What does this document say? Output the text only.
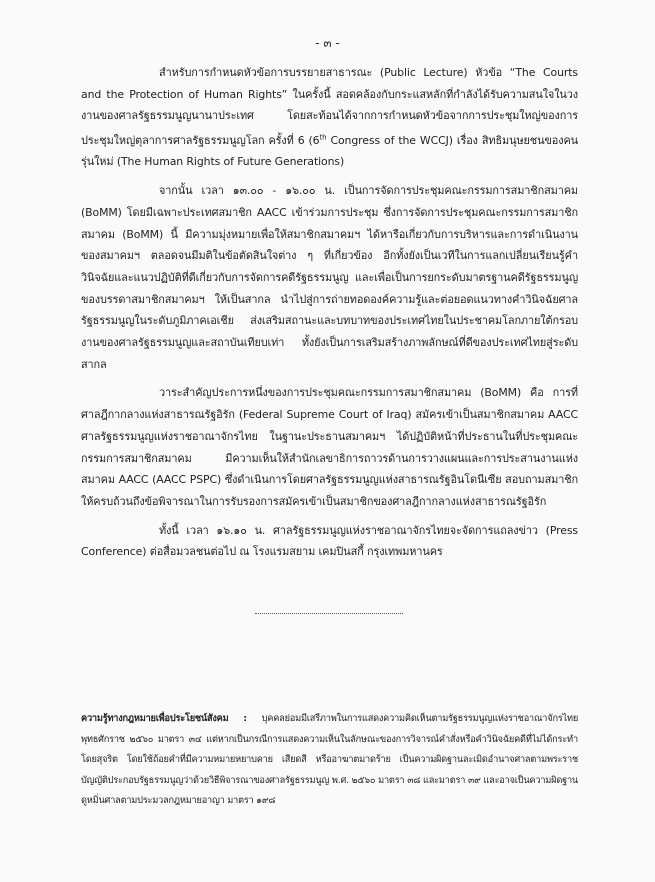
- ๓ -

สำหรับการกำหนดหัวข้อการบรรยายสาธารณะ (Public Lecture) หัวข้อ “The Courts and the Protection of Human Rights” ในครั้งนี้ สอดคล้องกับกระแสหลักที่กำลังได้รับความสนใจในวงงานของศาลรัฐธรรมนูญนานาประเทศ โดยสะท้อนได้จากการกำหนดหัวข้อจากการประชุมใหญ่ของการประชุมใหญ่ตุลาการศาลรัฐธรรมนูญโลก ครั้งที่ 6 (6th Congress of the WCCJ) เรื่อง สิทธิมนุษยชนของคนรุ่นใหม่ (The Human Rights of Future Generations)

จากนั้น เวลา ๑๓.๐๐ - ๑๖.๐๐ น. เป็นการจัดการประชุมคณะกรรมการสมาชิกสมาคม (BoMM) โดยมีเฉพาะประเทศสมาชิก AACC เข้าร่วมการประชุม ซึ่งการจัดการประชุมคณะกรรมการสมาชิกสมาคม (BoMM) นี้ มีความมุ่งหมายเพื่อให้สมาชิกสมาคมฯ ได้หารือเกี่ยวกับการบริหารและการดำเนินงานของสมาคมฯ ตลอดจนมีมติในข้อตัดสินใจต่าง ๆ ที่เกี่ยวข้อง อีกทั้งยังเป็นเวทีในการแลกเปลี่ยนเรียนรู้คำวินิจฉัยและแนวปฏิบัติที่ดีเกี่ยวกับการจัดการคดีรัฐธรรมนูญ และเพื่อเป็นการยกระดับมาตรฐานคดีรัฐธรรมนูญของบรรดาสมาชิกสมาคมฯ ให้เป็นสากล นำไปสู่การถ่ายทอดองค์ความรู้และต่อยอดแนวทางคำวินิจฉัยศาลรัฐธรรมนูญในระดับภูมิภาคเอเชีย ส่งเสริมสถานะและบทบาทของประเทศไทยในประชาคมโลกภายใต้กรอบงานของศาลรัฐธรรมนูญและสถาบันเทียบเท่า ทั้งยังเป็นการเสริมสร้างภาพลักษณ์ที่ดีของประเทศไทยสู่ระดับสากล

วาระสำคัญประการหนึ่งของการประชุมคณะกรรมการสมาชิกสมาคม (BoMM) คือ การที่ศาลฎีกากลางแห่งสาธารณรัฐอิรัก (Federal Supreme Court of Iraq) สมัครเข้าเป็นสมาชิกสมาคม AACC ศาลรัฐธรรมนูญแห่งราชอาณาจักรไทย ในฐานะประธานสมาคมฯ ได้ปฏิบัติหน้าที่ประธานในที่ประชุมคณะกรรมการสมาชิกสมาคม มีความเห็นให้สำนักเลขาธิการถาวรด้านการวางแผนและการประสานงานแห่งสมาคม AACC (AACC PSPC) ซึ่งดำเนินการโดยศาลรัฐธรรมนูญแห่งสาธารณรัฐอินโดนีเซีย สอบถามสมาชิกให้ครบถ้วนถึงข้อพิจารณาในการรับรองการสมัครเข้าเป็นสมาชิกของศาลฎีกากลางแห่งสาธารณรัฐอิรัก

ทั้งนี้ เวลา ๑๖.๑๐ น. ศาลรัฐธรรมนูญแห่งราชอาณาจักรไทยจะจัดการแถลงข่าว (Press Conference) ต่อสื่อมวลชนต่อไป ณ โรงแรมสยาม เคมปินสกี้ กรุงเทพมหานคร

ความรู้ทางกฎหมายเพื่อประโยชน์สังคม : บุคคลย่อมมีเสรีภาพในการแสดงความคิดเห็นตามรัฐธรรมนูญแห่งราชอาณาจักรไทย พุทธศักราช ๒๕๖๐ มาตรา ๓๔ แต่หากเป็นกรณีการแสดงความเห็นในลักษณะของการวิจารณ์คำสั่งหรือคำวินิจฉัยคดีที่ไม่ได้กระทำโดยสุจริต โดยใช้ถ้อยคำที่มีความหมายหยาบคาย เสียดสี หรืออาฆาตมาดร้าย เป็นความผิดฐานละเมิดอำนาจศาลตามพระราชบัญญัติประกอบรัฐธรรมนูญว่าด้วยวิธีพิจารณาของศาลรัฐธรรมนูญ พ.ศ. ๒๕๖๐ มาตรา ๓๘ และมาตรา ๓๙ และอาจเป็นความผิดฐานดูหมิ่นศาลตามประมวลกฎหมายอาญา มาตรา ๑๙๘
